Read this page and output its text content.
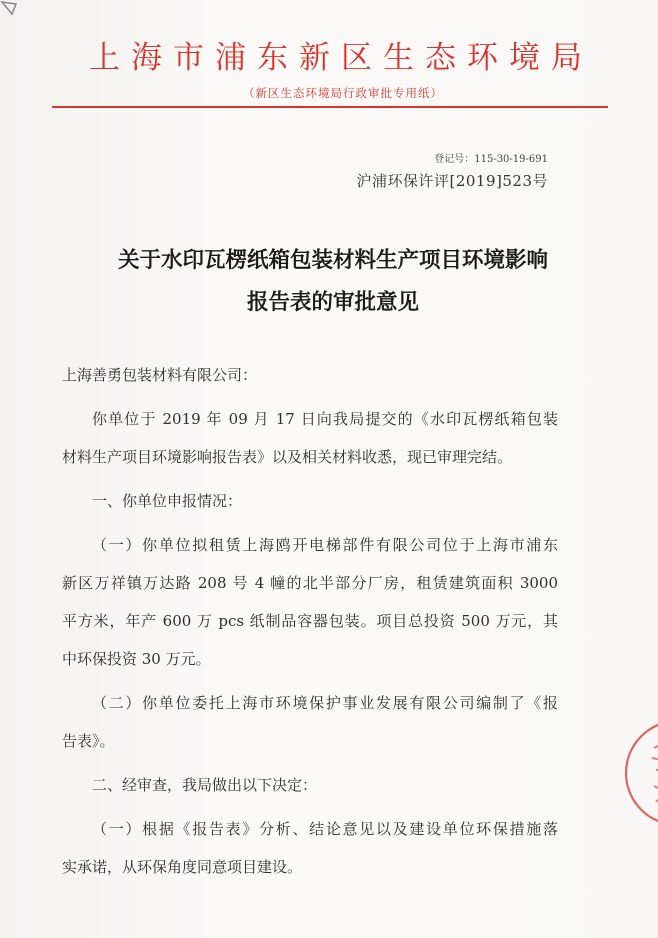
上海市浦东新区生态环境局
（新区生态环境局行政审批专用纸）
登记号：115-30-19-691
沪浦环保许评[2019]523号
关于水印瓦楞纸箱包装材料生产项目环境影响
报告表的审批意见
上海善勇包装材料有限公司：
你单位于 2019 年 09 月 17 日向我局提交的《水印瓦楞纸箱包装
材料生产项目环境影响报告表》以及相关材料收悉，现已审理完结。
一、你单位申报情况：
（一）你单位拟租赁上海鸥开电梯部件有限公司位于上海市浦东
新区万祥镇万达路 208 号 4 幢的北半部分厂房，租赁建筑面积 3000
平方米，年产 600 万 pcs 纸制品容器包装。项目总投资 500 万元，其
中环保投资 30 万元。
（二）你单位委托上海市环境保护事业发展有限公司编制了《报
告表》。
二、经审查，我局做出以下决定：
（一）根据《报告表》分析、结论意见以及建设单位环保措施落
实承诺，从环保角度同意项目建设。
